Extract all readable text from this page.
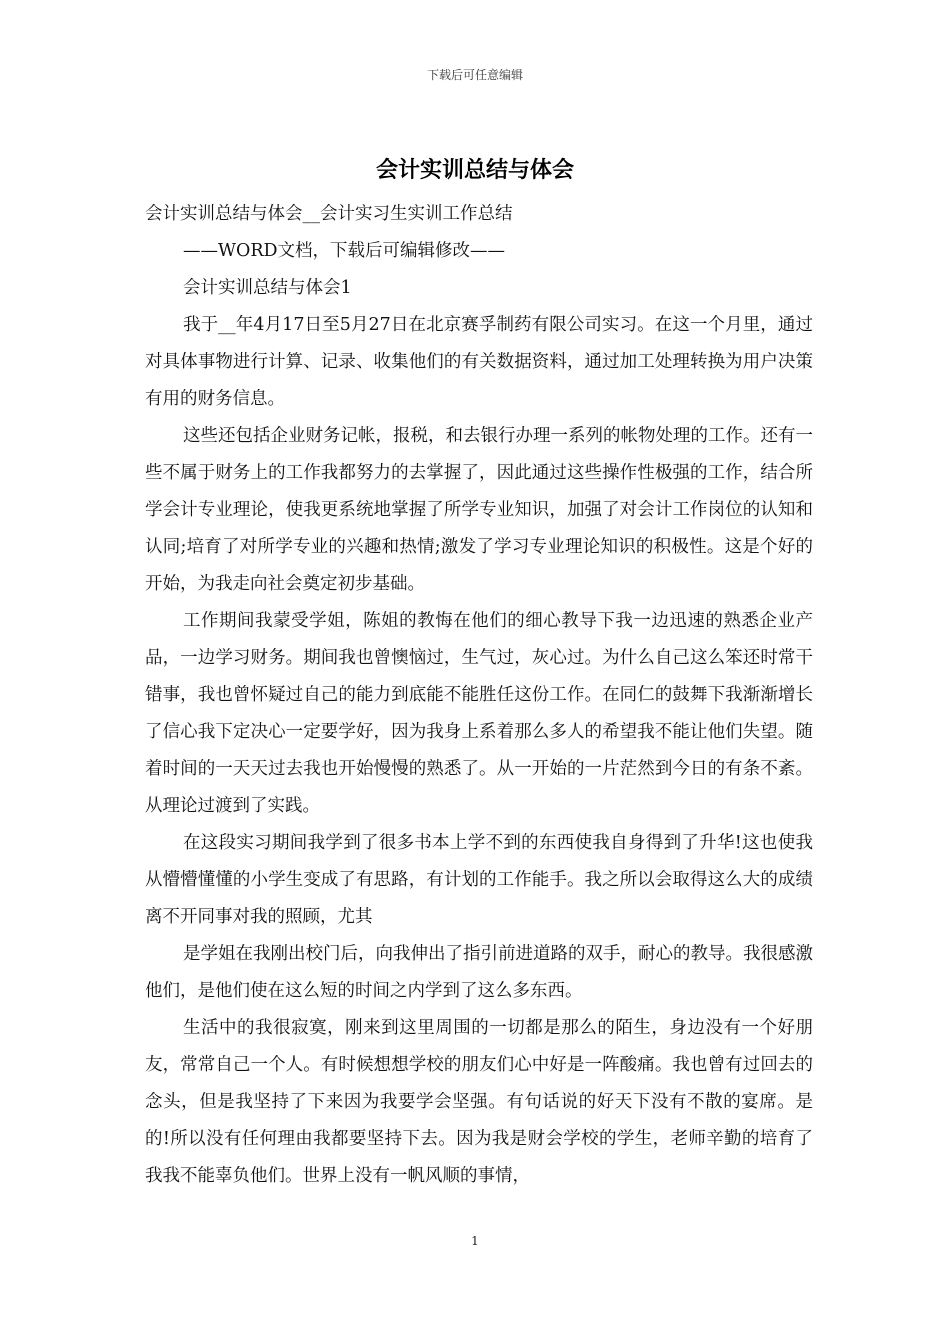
下载后可任意编辑
会计实训总结与体会

会计实训总结与体会__会计实习生实训工作总结

——WORD文档，下载后可编辑修改——

会计实训总结与体会1

我于__年4月17日至5月27日在北京赛孚制药有限公司实习。在这一个月里，通过对具体事物进行计算、记录、收集他们的有关数据资料，通过加工处理转换为用户决策有用的财务信息。

这些还包括企业财务记帐，报税，和去银行办理一系列的帐物处理的工作。还有一些不属于财务上的工作我都努力的去掌握了，因此通过这些操作性极强的工作，结合所学会计专业理论，使我更系统地掌握了所学专业知识，加强了对会计工作岗位的认知和认同;培育了对所学专业的兴趣和热情;激发了学习专业理论知识的积极性。这是个好的开始，为我走向社会奠定初步基础。

工作期间我蒙受学姐，陈姐的教悔在他们的细心教导下我一边迅速的熟悉企业产品，一边学习财务。期间我也曾懊恼过，生气过，灰心过。为什么自己这么笨还时常干错事，我也曾怀疑过自己的能力到底能不能胜任这份工作。在同仁的鼓舞下我渐渐增长了信心我下定决心一定要学好，因为我身上系着那么多人的希望我不能让他们失望。随着时间的一天天过去我也开始慢慢的熟悉了。从一开始的一片茫然到今日的有条不紊。从理论过渡到了实践。

在这段实习期间我学到了很多书本上学不到的东西使我自身得到了升华!这也使我从懵懵懂懂的小学生变成了有思路，有计划的工作能手。我之所以会取得这么大的成绩离不开同事对我的照顾，尤其

是学姐在我刚出校门后，向我伸出了指引前进道路的双手，耐心的教导。我很感激他们，是他们使在这么短的时间之内学到了这么多东西。

生活中的我很寂寞，刚来到这里周围的一切都是那么的陌生，身边没有一个好朋友，常常自己一个人。有时候想想学校的朋友们心中好是一阵酸痛。我也曾有过回去的念头，但是我坚持了下来因为我要学会坚强。有句话说的好天下没有不散的宴席。是的!所以没有任何理由我都要坚持下去。因为我是财会学校的学生，老师辛勤的培育了我我不能辜负他们。世界上没有一帆风顺的事情，

1
